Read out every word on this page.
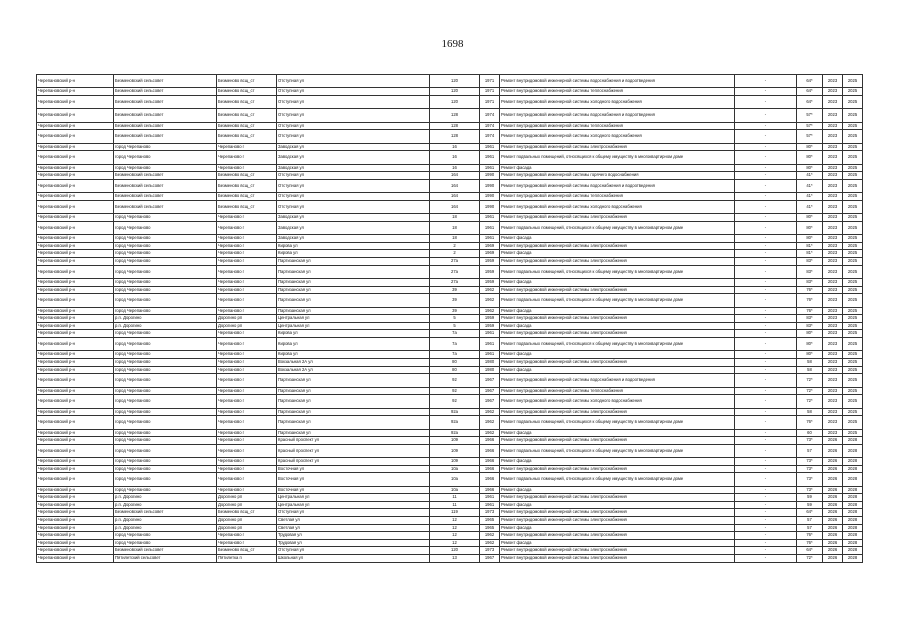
1698
Черепановский р-н	Безменовский сельсовет	Безменово всщ_ст	Отступная ул	120	1971	Ремонт внутридомовой инженерной системы водоснабжения и водоотведения	-	64*	2023	2025
Черепановский р-н	Безменовский сельсовет	Безменово всщ_ст	Отступная ул	120	1971	Ремонт внутридомовой инженерной системы теплоснабжения	-	64*	2023	2025
Черепановский р-н	Безменовский сельсовет	Безменово всщ_ст	Отступная ул	120	1971	Ремонт внутридомовой инженерной системы холодного водоснабжения	-	64*	2023	2025
Черепановский р-н	Безменовский сельсовет	Безменово всщ_ст	Отступная ул	128	1974	Ремонт внутридомовой инженерной системы водоснабжения и водоотведения	-	57*	2023	2025
Черепановский р-н	Безменовский сельсовет	Безменово всщ_ст	Отступная ул	128	1974	Ремонт внутридомовой инженерной системы теплоснабжения	-	57*	2023	2025
Черепановский р-н	Безменовский сельсовет	Безменово всщ_ст	Отступная ул	128	1974	Ремонт внутридомовой инженерной системы холодного водоснабжения	-	57*	2023	2025
Черепановский р-н	город Черепаново	Черепаново г	Заводская ул	16	1961	Ремонт внутридомовой инженерной системы электроснабжения	-	80*	2023	2025
Черепановский р-н	город Черепаново	Черепаново г	Заводская ул	16	1961	Ремонт подвальных помещений, относящихся к общему имуществу в многоквартирном доме	-	80*	2023	2025
Черепановский р-н	город Черепаново	Черепаново г	Заводская ул	16	1961	Ремонт фасада	-	80*	2023	2025
Черепановский р-н	Безменовский сельсовет	Безменово всщ_ст	Отступная ул	164	1990	Ремонт внутридомовой инженерной системы горячего водоснабжения	-	41*	2023	2025
Черепановский р-н	Безменовский сельсовет	Безменово всщ_ст	Отступная ул	164	1990	Ремонт внутридомовой инженерной системы водоснабжения и водоотведения	-	41*	2023	2025
Черепановский р-н	Безменовский сельсовет	Безменово всщ_ст	Отступная ул	164	1990	Ремонт внутридомовой инженерной системы теплоснабжения	-	41*	2023	2025
Черепановский р-н	Безменовский сельсовет	Безменово всщ_ст	Отступная ул	164	1990	Ремонт внутридомовой инженерной системы холодного водоснабжения	-	41*	2023	2025
Черепановский р-н	город Черепаново	Черепаново г	Заводская ул	18	1961	Ремонт внутридомовой инженерной системы электроснабжения	-	80*	2023	2025
Черепановский р-н	город Черепаново	Черепаново г	Заводская ул	18	1961	Ремонт подвальных помещений, относящихся к общему имуществу в многоквартирном доме	-	80*	2023	2025
Черепановский р-н	город Черепаново	Черепаново г	Заводская ул	18	1961	Ремонт фасада	-	80*	2023	2025
Черепановский р-н	город Черепаново	Черепаново г	Кирова ул	2	1969	Ремонт внутридомовой инженерной системы электроснабжения	-	81*	2023	2025
Черепановский р-н	город Черепаново	Черепаново г	Кирова ул	2	1969	Ремонт фасада	-	81*	2023	2025
Черепановский р-н	город Черепаново	Черепаново г	Партизанская ул	27а	1959	Ремонт внутридомовой инженерной системы электроснабжения	-	83*	2023	2025
Черепановский р-н	город Черепаново	Черепаново г	Партизанская ул	27а	1959	Ремонт подвальных помещений, относящихся к общему имуществу в многоквартирном доме	-	83*	2023	2025
Черепановский р-н	город Черепаново	Черепаново г	Партизанская ул	27а	1959	Ремонт фасада	-	83*	2023	2025
Черепановский р-н	город Черепаново	Черепаново г	Партизанская ул	39	1962	Ремонт внутридомовой инженерной системы электроснабжения	-	76*	2023	2025
Черепановский р-н	город Черепаново	Черепаново г	Партизанская ул	39	1962	Ремонт подвальных помещений, относящихся к общему имуществу в многоквартирном доме	-	76*	2023	2025
Черепановский р-н	город Черепаново	Черепаново г	Партизанская ул	39	1962	Ремонт фасада	-	76*	2023	2025
Черепановский р-н	р.п. Дорогино	Дорогино рп	Центральная ул	5	1959	Ремонт внутридомовой инженерной системы электроснабжения	-	83*	2023	2025
Черепановский р-н	р.п. Дорогино	Дорогино рп	Центральная ул	5	1959	Ремонт фасада	-	83*	2023	2025
Черепановский р-н	город Черепаново	Черепаново г	Кирова ул	7а	1961	Ремонт внутридомовой инженерной системы электроснабжения	-	80*	2023	2025
Черепановский р-н	город Черепаново	Черепаново г	Кирова ул	7а	1961	Ремонт подвальных помещений, относящихся к общему имуществу в многоквартирном доме	-	80*	2023	2025
Черепановский р-н	город Черепаново	Черепаново г	Кирова ул	7а	1961	Ремонт фасада	-	80*	2023	2025
Черепановский р-н	город Черепаново	Черепаново г	Вокзальная 2А ул	80	1980	Ремонт внутридомовой инженерной системы электроснабжения	-	58	2023	2025
Черепановский р-н	город Черепаново	Черепаново г	Вокзальная 2А ул	80	1980	Ремонт фасада	-	58	2023	2025
Черепановский р-н	город Черепаново	Черепаново г	Партизанская ул	92	1967	Ремонт внутридомовой инженерной системы водоснабжения и водоотведения	-	72*	2023	2025
Черепановский р-н	город Черепаново	Черепаново г	Партизанская ул	92	1967	Ремонт внутридомовой инженерной системы теплоснабжения	-	72*	2023	2025
Черепановский р-н	город Черепаново	Черепаново г	Партизанская ул	92	1967	Ремонт внутридомовой инженерной системы холодного водоснабжения	-	72*	2023	2025
Черепановский р-н	город Черепаново	Черепаново г	Партизанская ул	92а	1962	Ремонт внутридомовой инженерной системы электроснабжения	-	58	2023	2025
Черепановский р-н	город Черепаново	Черепаново г	Партизанская ул	92а	1962	Ремонт подвальных помещений, относящихся к общему имуществу в многоквартирном доме	-	76*	2023	2025
Черепановский р-н	город Черепаново	Черепаново г	Партизанская ул	92а	1962	Ремонт фасада	-	60	2023	2025
Черепановский р-н	город Черепаново	Черепаново г	Красный проспект ул	109	1966	Ремонт внутридомовой инженерной системы электроснабжения	-	73*	2026	2028
Черепановский р-н	город Черепаново	Черепаново г	Красный проспект ул	109	1966	Ремонт подвальных помещений, относящихся к общему имуществу в многоквартирном доме	-	57	2026	2028
Черепановский р-н	город Черепаново	Черепаново г	Красный проспект ул	109	1966	Ремонт фасада	-	73*	2026	2028
Черепановский р-н	город Черепаново	Черепаново г	Восточная ул	10а	1966	Ремонт внутридомовой инженерной системы электроснабжения	-	73*	2026	2028
Черепановский р-н	город Черепаново	Черепаново г	Восточная ул	10а	1966	Ремонт подвальных помещений, относящихся к общему имуществу в многоквартирном доме	-	73*	2026	2028
Черепановский р-н	город Черепаново	Черепаново г	Восточная ул	10а	1966	Ремонт фасада	-	73*	2026	2028
Черепановский р-н	р.п. Дорогино	Дорогино рп	Центральная ул	11	1961	Ремонт внутридомовой инженерной системы электроснабжения	-	59	2026	2028
Черепановский р-н	р.п. Дорогино	Дорогино рп	Центральная ул	11	1961	Ремонт фасада	-	59	2026	2028
Черепановский р-н	Безменовский сельсовет	Безменово всщ_ст	Отступная ул	119	1973	Ремонт внутридомовой инженерной системы электроснабжения	-	64*	2026	2028
Черепановский р-н	р.п. Дорогино	Дорогино рп	Светлая ул	12	1965	Ремонт внутридомовой инженерной системы электроснабжения	-	57	2026	2028
Черепановский р-н	р.п. Дорогино	Дорогино рп	Светлая ул	12	1965	Ремонт фасада	-	57	2026	2028
Черепановский р-н	город Черепаново	Черепаново г	Трудовая ул	12	1962	Ремонт внутридомовой инженерной системы электроснабжения	-	76*	2026	2028
Черепановский р-н	город Черепаново	Черепаново г	Трудовая ул	12	1962	Ремонт фасада	-	76*	2026	2028
Черепановский р-н	Безменовский сельсовет	Безменово всщ_ст	Отступная ул	120	1973	Ремонт внутридомовой инженерной системы электроснабжения	-	64*	2026	2028
Черепановский р-н	Пятилетский сельсовет	Пятилетка п	Школьная ул	13	1967	Ремонт внутридомовой инженерной системы электроснабжения	-	72*	2026	2028
